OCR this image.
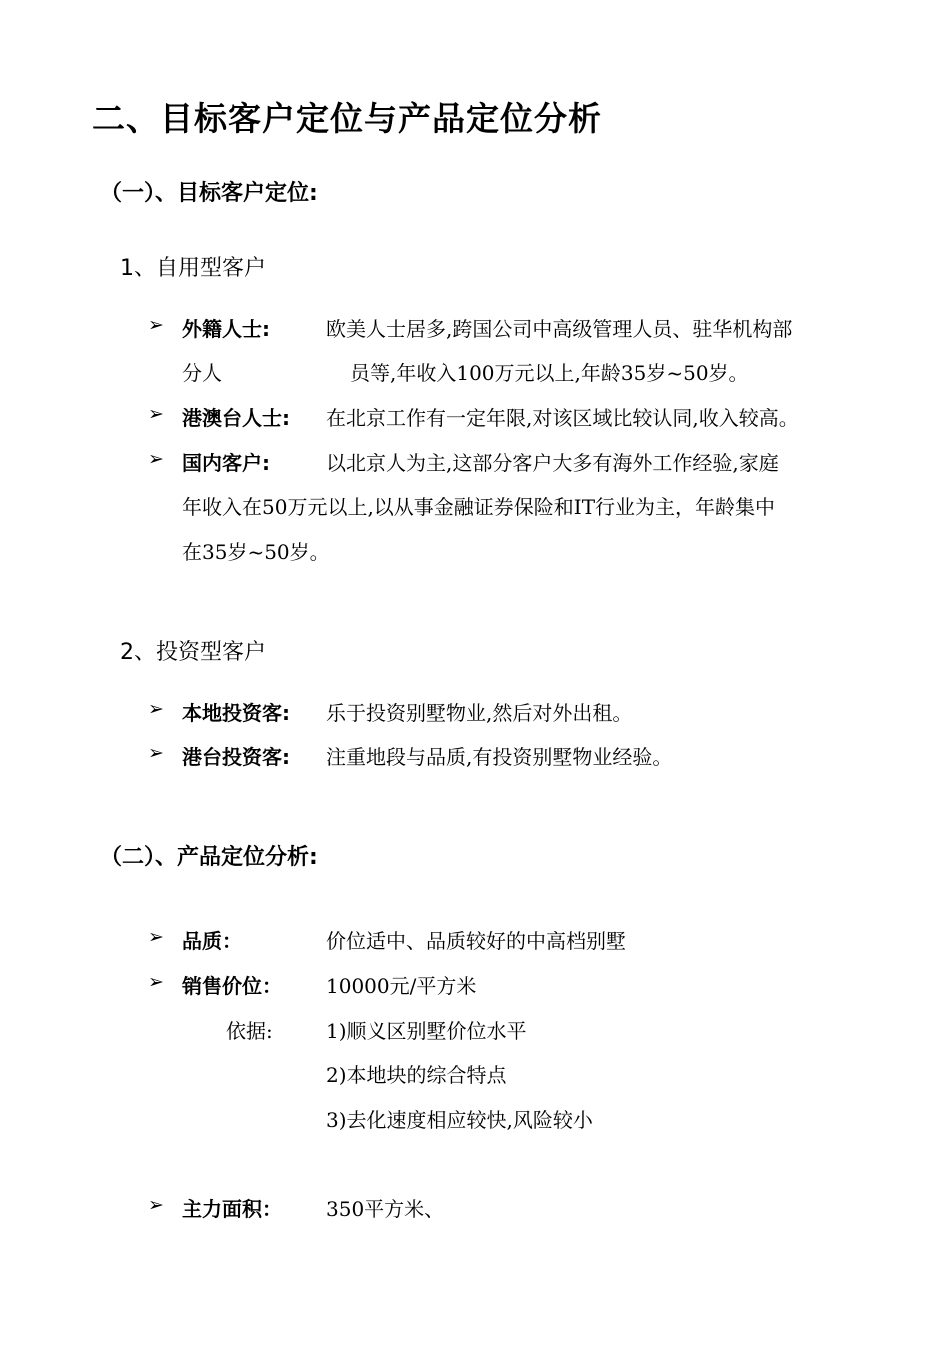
二、目标客户定位与产品定位分析
（一）、目标客户定位:
1、自用型客户
➢ 外籍人士:	欧美人士居多,跨国公司中高级管理人员、驻华机构部
分人	员等,年收入100万元以上,年龄35岁~50岁。
➢ 港澳台人士: 在北京工作有一定年限,对该区域比较认同,收入较高。
➢ 国内客户:	以北京人为主,这部分客户大多有海外工作经验,家庭
年收入在50万元以上,以从事金融证券保险和IT行业为主，年龄集中
在35岁~50岁。
2、投资型客户
➢ 本地投资客: 乐于投资别墅物业,然后对外出租。
➢ 港台投资客: 注重地段与品质,有投资别墅物业经验。
（二）、产品定位分析:
➢ 品质：	价位适中、品质较好的中高档别墅
➢ 销售价位： 10000元/平方米
依据:	1)顺义区别墅价位水平
2)本地块的综合特点
3)去化速度相应较快,风险较小
➢ 主力面积： 350平方米、
